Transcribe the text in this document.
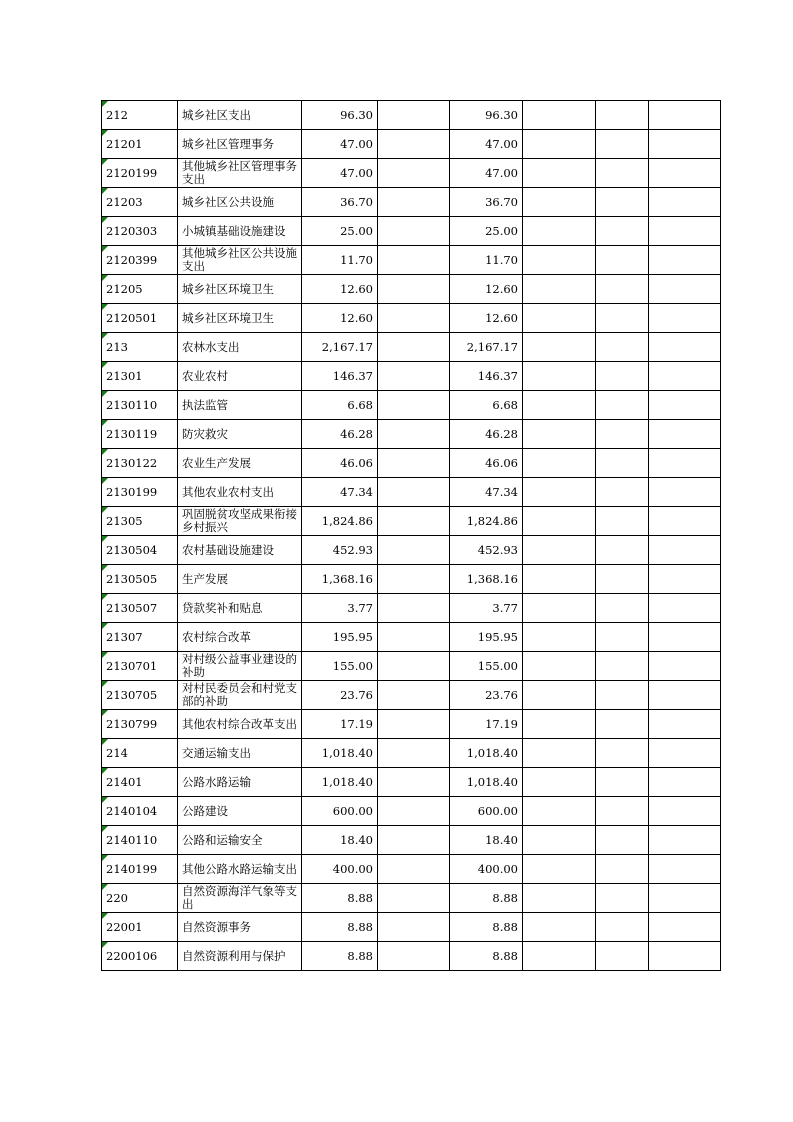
212	城乡社区支出	96.30		96.30			
21201	城乡社区管理事务	47.00		47.00			
2120199	其他城乡社区管理事务支出	47.00		47.00			
21203	城乡社区公共设施	36.70		36.70			
2120303	小城镇基础设施建设	25.00		25.00			
2120399	其他城乡社区公共设施支出	11.70		11.70			
21205	城乡社区环境卫生	12.60		12.60			
2120501	城乡社区环境卫生	12.60		12.60			
213	农林水支出	2,167.17		2,167.17			
21301	农业农村	146.37		146.37			
2130110	执法监管	6.68		6.68			
2130119	防灾救灾	46.28		46.28			
2130122	农业生产发展	46.06		46.06			
2130199	其他农业农村支出	47.34		47.34			
21305	巩固脱贫攻坚成果衔接乡村振兴	1,824.86		1,824.86			
2130504	农村基础设施建设	452.93		452.93			
2130505	生产发展	1,368.16		1,368.16			
2130507	贷款奖补和贴息	3.77		3.77			
21307	农村综合改革	195.95		195.95			
2130701	对村级公益事业建设的补助	155.00		155.00			
2130705	对村民委员会和村党支部的补助	23.76		23.76			
2130799	其他农村综合改革支出	17.19		17.19			
214	交通运输支出	1,018.40		1,018.40			
21401	公路水路运输	1,018.40		1,018.40			
2140104	公路建设	600.00		600.00			
2140110	公路和运输安全	18.40		18.40			
2140199	其他公路水路运输支出	400.00		400.00			
220	自然资源海洋气象等支出	8.88		8.88			
22001	自然资源事务	8.88		8.88			
2200106	自然资源利用与保护	8.88		8.88			
